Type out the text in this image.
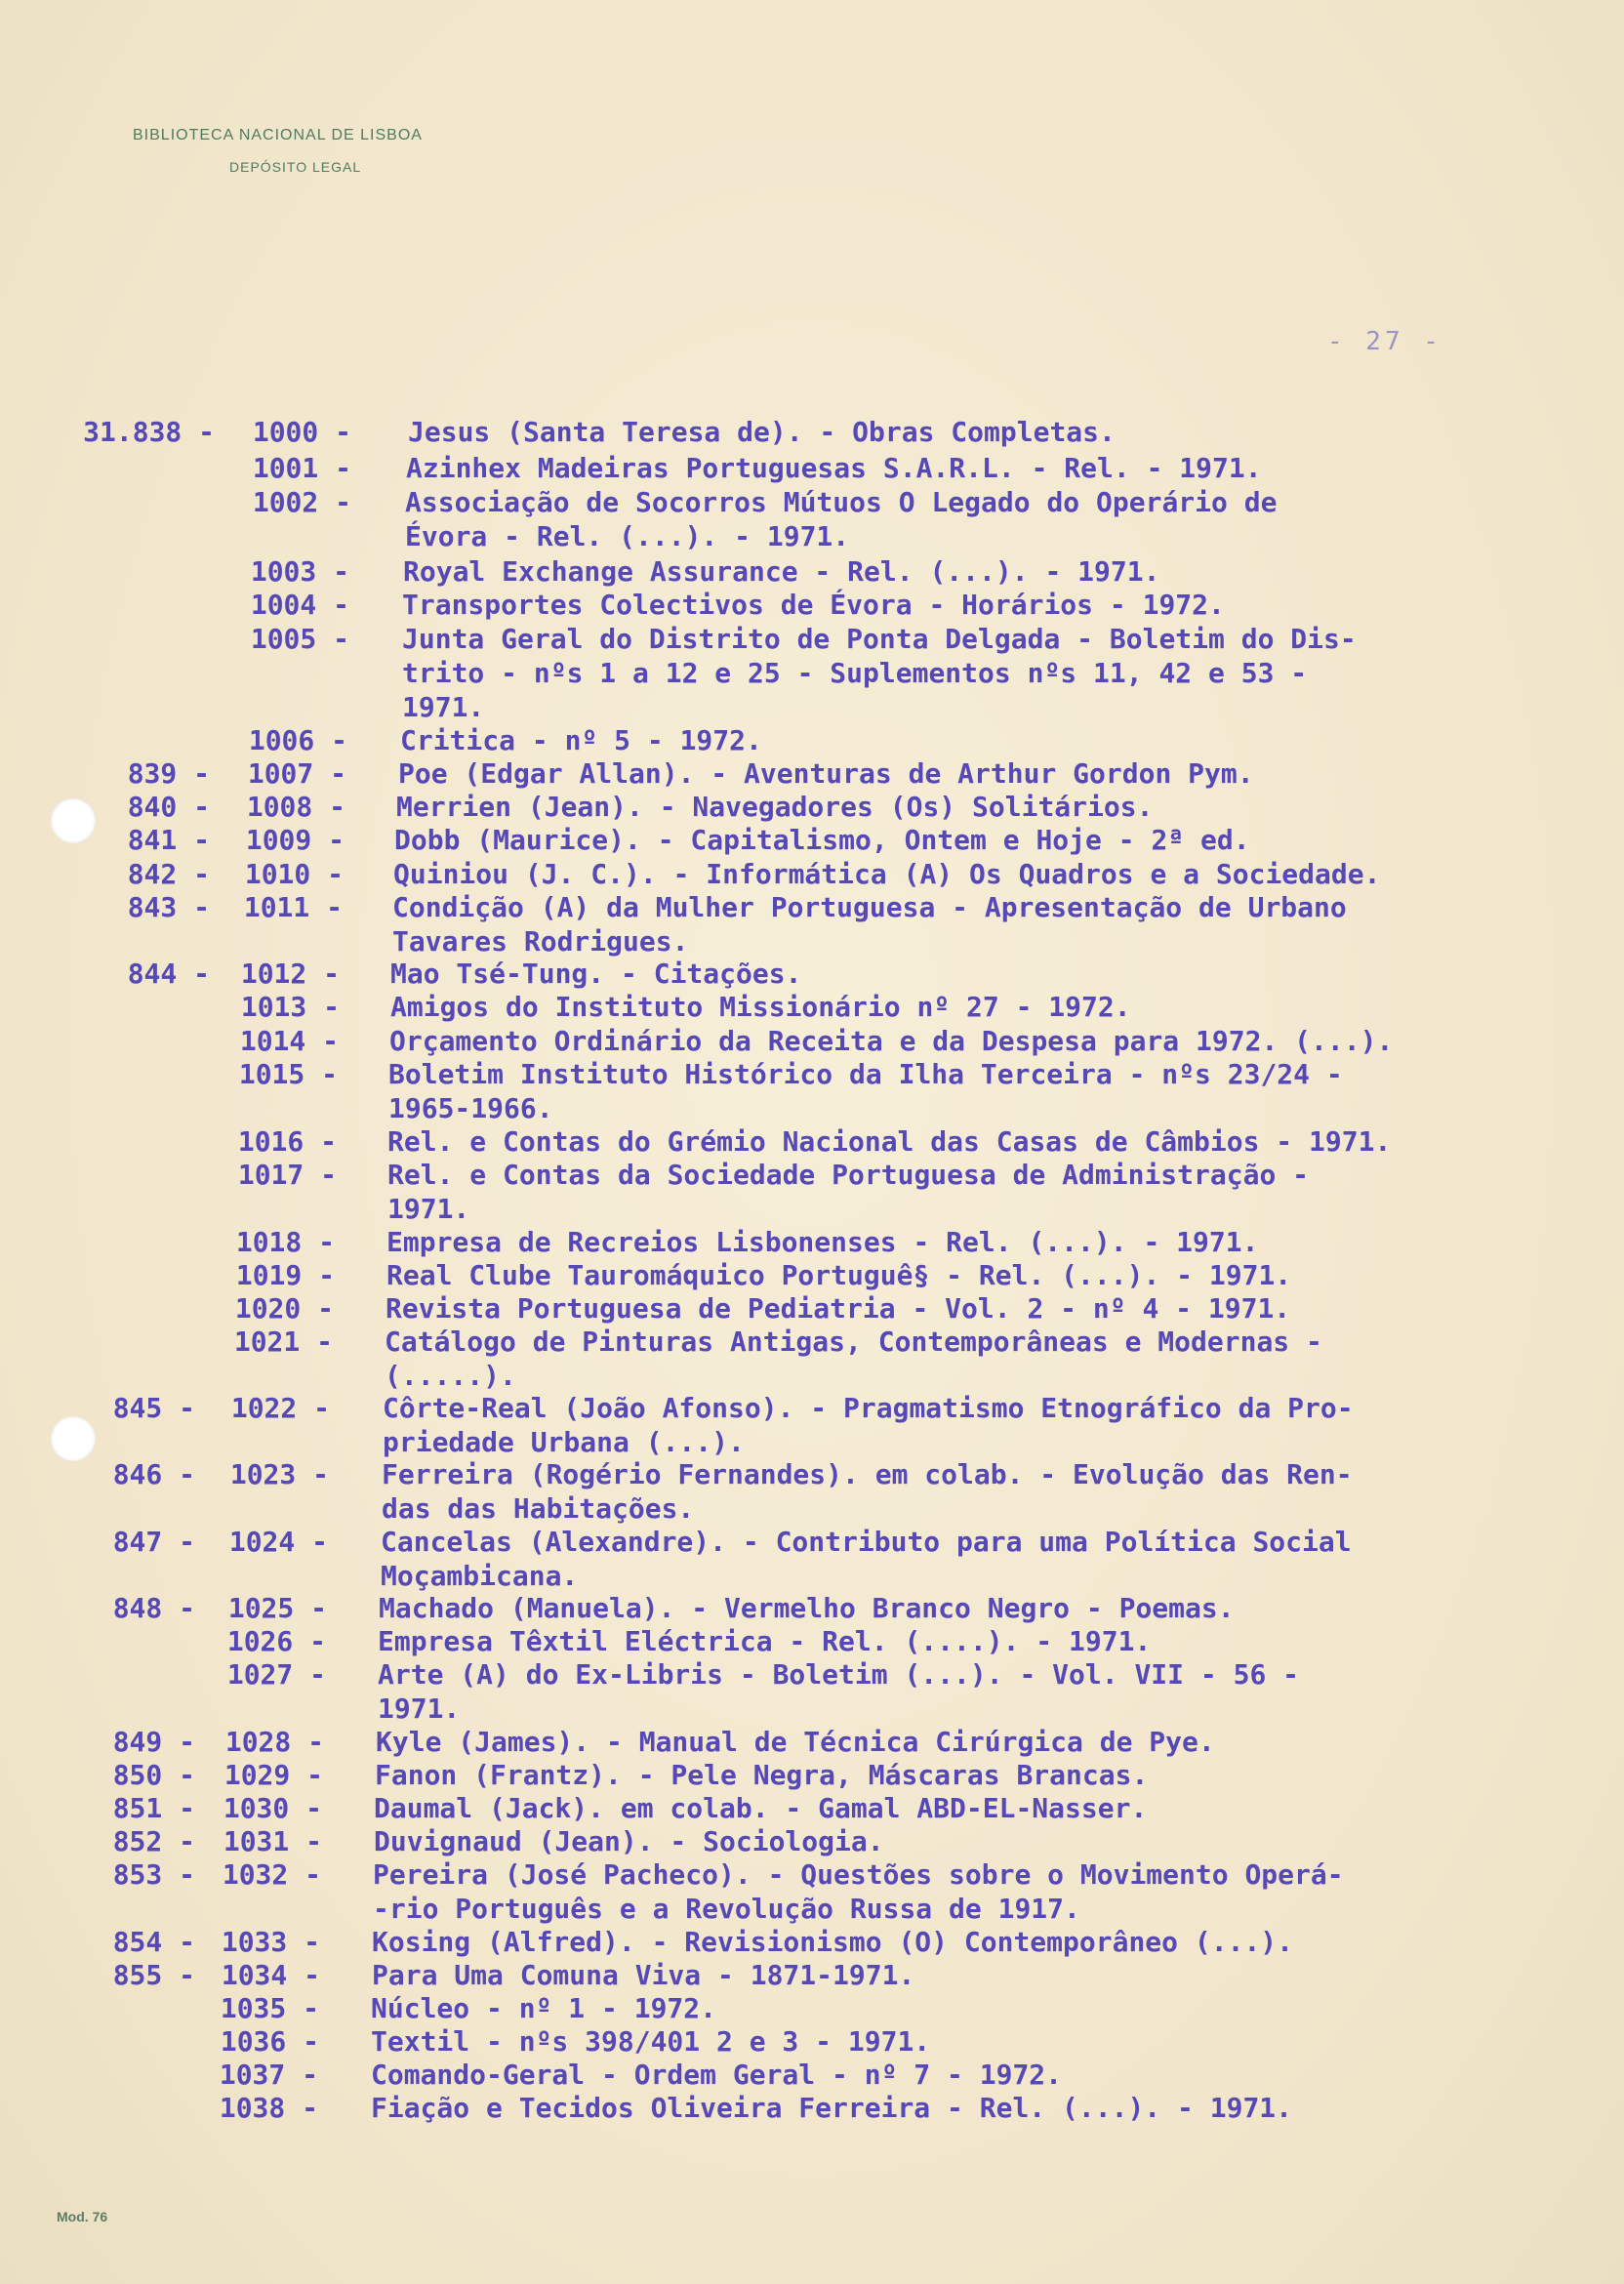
BIBLIOTECA NACIONAL DE LISBOA
DEPÓSITO LEGAL
- 27 -
31.838 -	1000 - Jesus (Santa Teresa de). - Obras Completas.
1001 - Azinhex Madeiras Portuguesas S.A.R.L. - Rel. - 1971.
1002 - Associação de Socorros Mútuos O Legado do Operário de
Évora - Rel. (...). - 1971.
1003 - Royal Exchange Assurance - Rel. (...). - 1971.
1004 - Transportes Colectivos de Évora - Horários - 1972.
1005 - Junta Geral do Distrito de Ponta Delgada - Boletim do Dis-
trito - nºs 1 a 12 e 25 - Suplementos nºs 11, 42 e 53 -
1971.
1006 - Critica - nº 5 - 1972.
839 -	1007 - Poe (Edgar Allan). - Aventuras de Arthur Gordon Pym.
840 -	1008 - Merrien (Jean). - Navegadores (Os) Solitários.
841 -	1009 - Dobb (Maurice). - Capitalismo, Ontem e Hoje - 2ª ed.
842 -	1010 - Quiniou (J. C.). - Informática (A) Os Quadros e a Sociedade.
843 -	1011 - Condição (A) da Mulher Portuguesa - Apresentação de Urbano
Tavares Rodrigues.
844 -	1012 - Mao Tsé-Tung. - Citações.
1013 - Amigos do Instituto Missionário nº 27 - 1972.
1014 - Orçamento Ordinário da Receita e da Despesa para 1972. (...).
1015 - Boletim Instituto Histórico da Ilha Terceira - nºs 23/24 -
1965-1966.
1016 - Rel. e Contas do Grémio Nacional das Casas de Câmbios - 1971.
1017 - Rel. e Contas da Sociedade Portuguesa de Administração -
1971.
1018 - Empresa de Recreios Lisbonenses - Rel. (...). - 1971.
1019 - Real Clube Tauromáquico Portuguê§ - Rel. (...). - 1971.
1020 - Revista Portuguesa de Pediatria - Vol. 2 - nº 4 - 1971.
1021 - Catálogo de Pinturas Antigas, Contemporâneas e Modernas -
(.....).
845 -	1022 - Côrte-Real (João Afonso). - Pragmatismo Etnográfico da Pro-
priedade Urbana (...).
846 -	1023 - Ferreira (Rogério Fernandes). em colab. - Evolução das Ren-
das das Habitações.
847 -	1024 - Cancelas (Alexandre). - Contributo para uma Política Social
Moçambicana.
848 -	1025 - Machado (Manuela). - Vermelho Branco Negro - Poemas.
1026 - Empresa Têxtil Eléctrica - Rel. (....). - 1971.
1027 - Arte (A) do Ex-Libris - Boletim (...). - Vol. VII - 56 -
1971.
849 -	1028 - Kyle (James). - Manual de Técnica Cirúrgica de Pye.
850 -	1029 - Fanon (Frantz). - Pele Negra, Máscaras Brancas.
851 -	1030 - Daumal (Jack). em colab. - Gamal ABD-EL-Nasser.
852 -	1031 - Duvignaud (Jean). - Sociologia.
853 - 1032 - Pereira (José Pacheco). - Questões sobre o Movimento Operá-
-rio Português e a Revolução Russa de 1917.
854 - 1033 - Kosing (Alfred). - Revisionismo (O) Contemporâneo (...).
855 - 1034 - Para Uma Comuna Viva - 1871-1971.
1035 - Núcleo - nº 1 - 1972.
1036 - Textil - nºs 398/401 2 e 3 - 1971.
1037 - Comando-Geral - Ordem Geral - nº 7 - 1972.
1038 - Fiação e Tecidos Oliveira Ferreira - Rel. (...). - 1971.
Mod. 76
